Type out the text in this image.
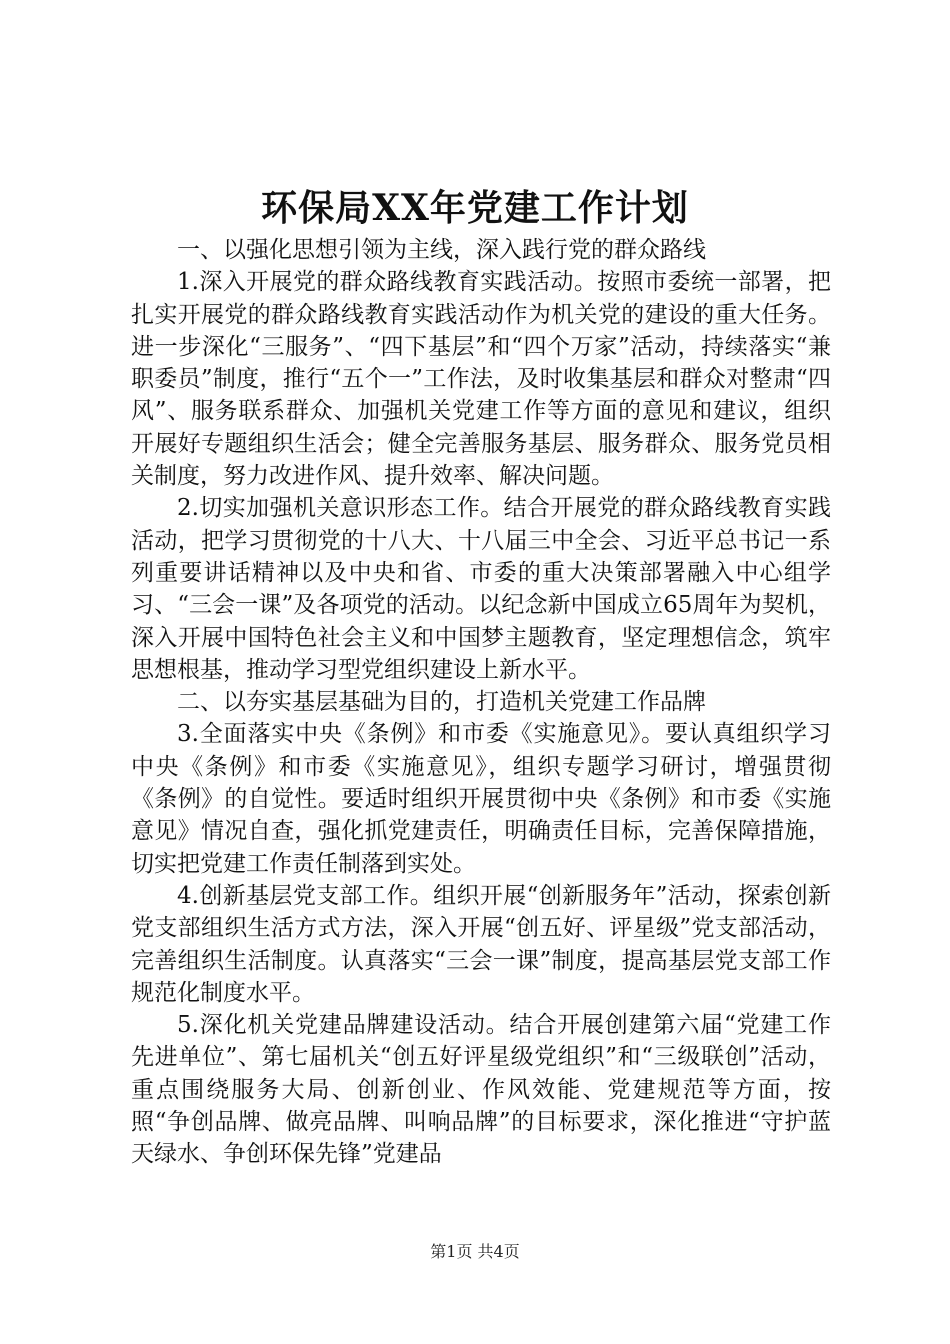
环保局XX年党建工作计划

一、以强化思想引领为主线，深入践行党的群众路线

1.深入开展党的群众路线教育实践活动。按照市委统一部署，把扎实开展党的群众路线教育实践活动作为机关党的建设的重大任务。进一步深化“三服务”、“四下基层”和“四个万家”活动，持续落实“兼职委员”制度，推行“五个一”工作法，及时收集基层和群众对整肃“四风”、服务联系群众、加强机关党建工作等方面的意见和建议，组织开展好专题组织生活会；健全完善服务基层、服务群众、服务党员相关制度，努力改进作风、提升效率、解决问题。

2.切实加强机关意识形态工作。结合开展党的群众路线教育实践活动，把学习贯彻党的十八大、十八届三中全会、习近平总书记一系列重要讲话精神以及中央和省、市委的重大决策部署融入中心组学习、“三会一课”及各项党的活动。以纪念新中国成立65周年为契机，深入开展中国特色社会主义和中国梦主题教育，坚定理想信念，筑牢思想根基，推动学习型党组织建设上新水平。

二、以夯实基层基础为目的，打造机关党建工作品牌

3.全面落实中央《条例》和市委《实施意见》。要认真组织学习中央《条例》和市委《实施意见》，组织专题学习研讨，增强贯彻《条例》的自觉性。要适时组织开展贯彻中央《条例》和市委《实施意见》情况自查，强化抓党建责任，明确责任目标，完善保障措施，切实把党建工作责任制落到实处。

4.创新基层党支部工作。组织开展“创新服务年”活动，探索创新党支部组织生活方式方法，深入开展“创五好、评星级”党支部活动，完善组织生活制度。认真落实“三会一课”制度，提高基层党支部工作规范化制度水平。

5.深化机关党建品牌建设活动。结合开展创建第六届“党建工作先进单位”、第七届机关“创五好评星级党组织”和“三级联创”活动，重点围绕服务大局、创新创业、作风效能、党建规范等方面，按照“争创品牌、做亮品牌、叫响品牌”的目标要求，深化推进“守护蓝天绿水、争创环保先锋”党建品

第1页 共4页
